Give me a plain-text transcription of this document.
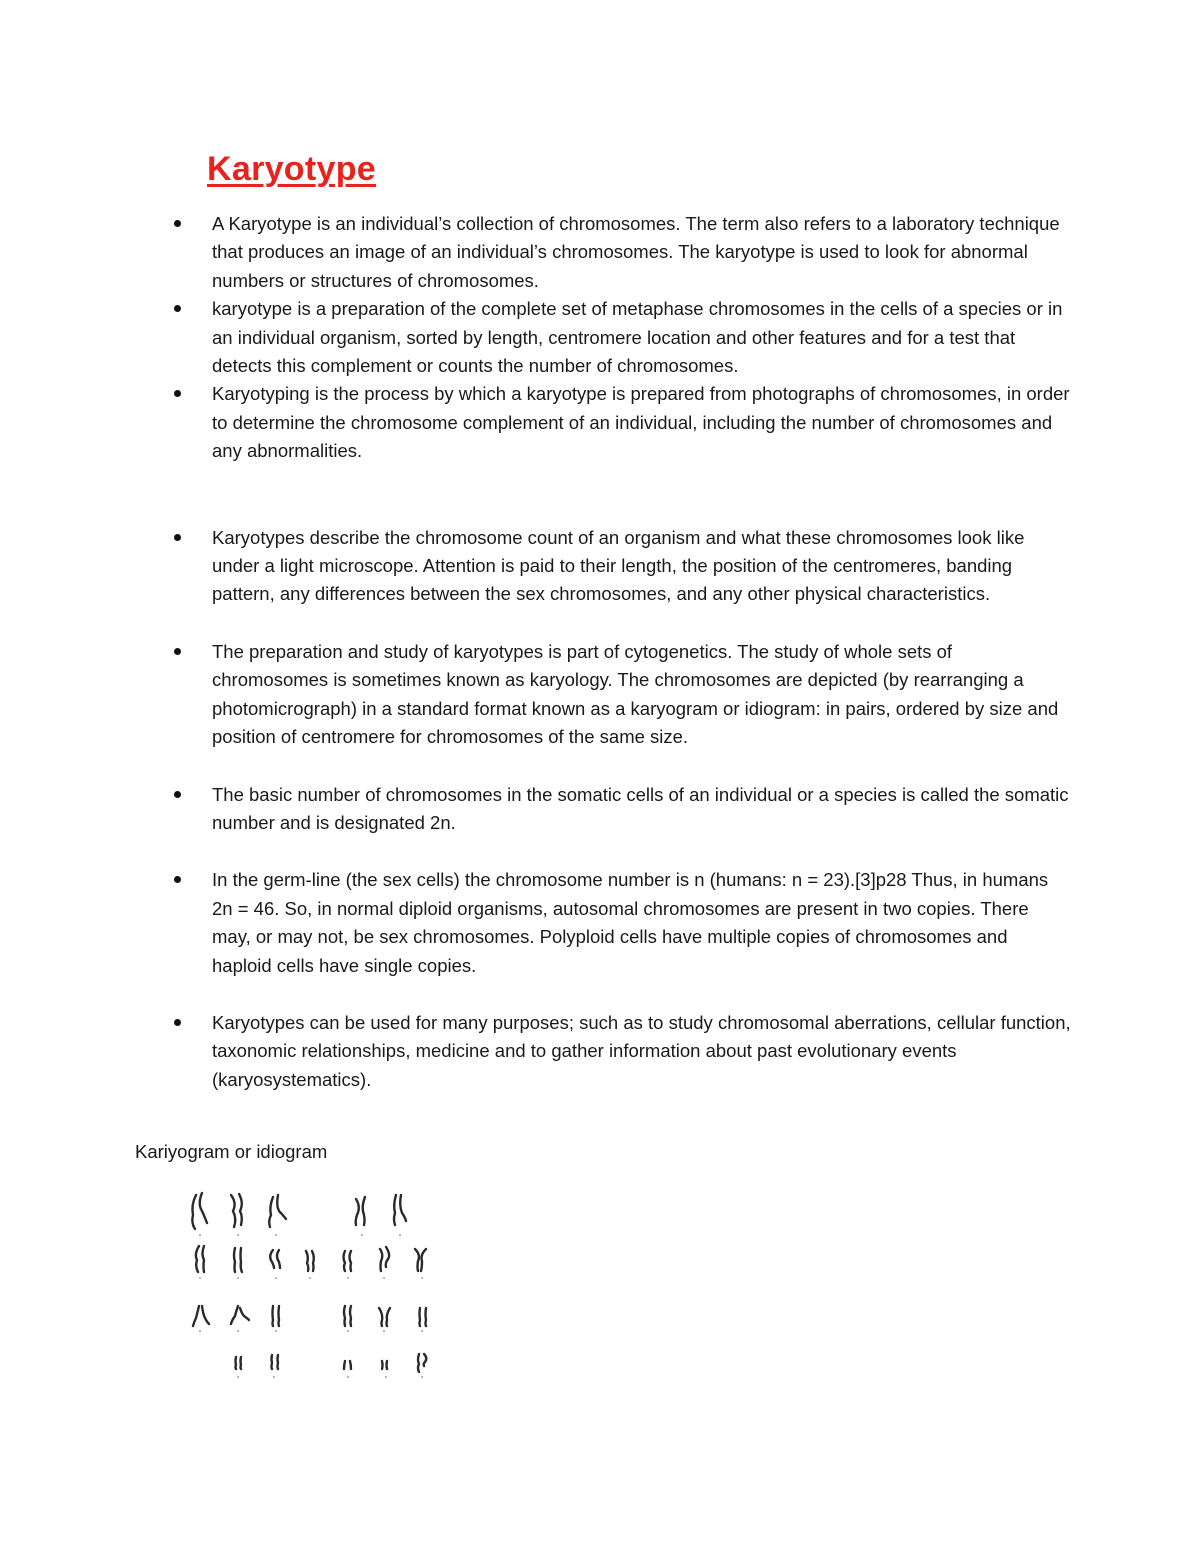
Karyotype
A Karyotype is an individual’s collection of chromosomes. The term also refers to a laboratory technique that produces an image of an individual’s chromosomes. The karyotype is used to look for abnormal numbers or structures of chromosomes.
karyotype is a preparation of the complete set of metaphase chromosomes in the cells of a species or in an individual organism, sorted by length, centromere location and other features and for a test that detects this complement or counts the number of chromosomes.
Karyotyping is the process by which a karyotype is prepared from photographs of chromosomes, in order to determine the chromosome complement of an individual, including the number of chromosomes and any abnormalities.
Karyotypes describe the chromosome count of an organism and what these chromosomes look like under a light microscope. Attention is paid to their length, the position of the centromeres, banding pattern, any differences between the sex chromosomes, and any other physical characteristics.
The preparation and study of karyotypes is part of cytogenetics. The study of whole sets of chromosomes is sometimes known as karyology. The chromosomes are depicted (by rearranging a photomicrograph) in a standard format known as a karyogram or idiogram: in pairs, ordered by size and position of centromere for chromosomes of the same size.
The basic number of chromosomes in the somatic cells of an individual or a species is called the somatic number and is designated 2n.
In the germ-line (the sex cells) the chromosome number is n (humans: n = 23).[3]p28 Thus, in humans 2n = 46. So, in normal diploid organisms, autosomal chromosomes are present in two copies. There may, or may not, be sex chromosomes. Polyploid cells have multiple copies of chromosomes and haploid cells have single copies.
Karyotypes can be used for many purposes; such as to study chromosomal aberrations, cellular function, taxonomic relationships, medicine and to gather information about past evolutionary events (karyosystematics).

Kariyogram or idiogram
